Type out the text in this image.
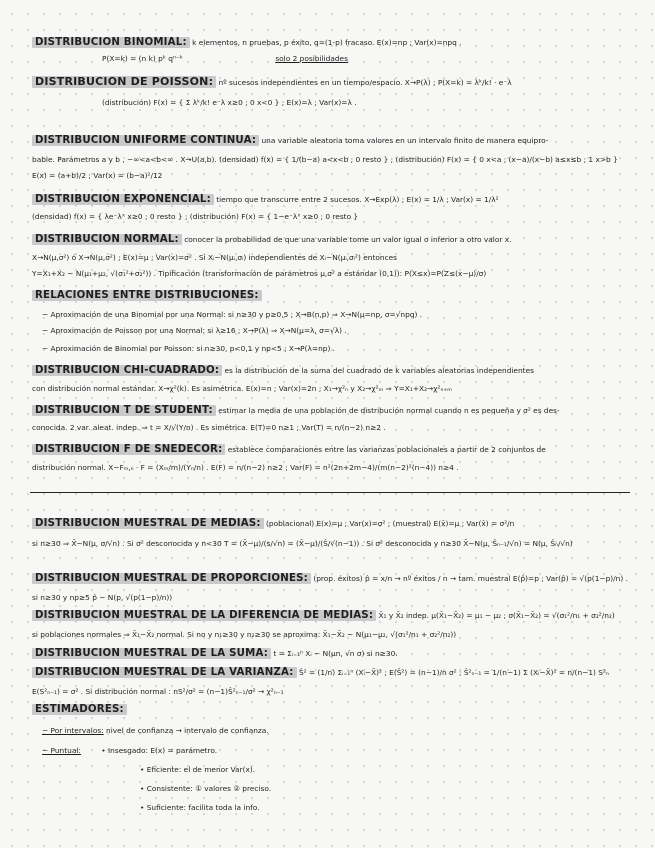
DISTRIBUCIÓN BINOMIAL: k elementos, n pruebas, p éxito, q=(1-p) fracaso. E(x)=np ; Var(x)=npq .
P(X=k) = (n k) pᵏ qⁿ⁻ᵏ	solo 2 posibilidades
DISTRIBUCIÓN DE POISSON: nº sucesos independientes en un tiempo/espacio. X→P(λ) ; P(X=k) = λᵏ/k! · e⁻λ
(distribución) F(x) = { Σ λᵏ/k! e⁻λ x≥0 ; 0 x<0 } ; E(x)=λ ; Var(x)=λ .
DISTRIBUCIÓN UNIFORME CONTINUA: una variable aleatoria toma valores en un intervalo finito de manera equipro-
bable. Parámetros a y b , −∞<a<b<∞ . X→U(a,b). (densidad) f(x) = { 1/(b−a) a<x<b ; 0 resto } ; (distribución) F(x) = { 0 x<a ; (x−a)/(x−b) a≤x≤b ; 1 x>b }
E(x) = (a+b)/2 ; Var(x) = (b−a)²/12
DISTRIBUCIÓN EXPONENCIAL: tiempo que transcurre entre 2 sucesos. X→Exp(λ) ; E(x) = 1/λ ; Var(x) = 1/λ²
(densidad) f(x) = { λe⁻λˣ x≥0 ; 0 resto } ; (distribución) F(x) = { 1−e⁻λˣ x≥0 ; 0 resto }
DISTRIBUCIÓN NORMAL: conocer la probabilidad de que una variable tome un valor igual o inferior a otro valor x.
X→N(μ,σ²) ó X→N(μ,σ²) ; E(x)=μ ; Var(x)=σ² . Si Xᵢ~N(μᵢ,σᵢ) independientes de Xᵢ~N(μᵢ,σᵢ²) entonces
Y=X₁+X₂ ~ N(μ₁+μ₂, √(σ₁²+σ₂²)) . Tipificación (transformación de parámetros μ,σ² a estándar (0,1)): P(X≤x)=P(Z≤(x−μ)/σ)
RELACIONES ENTRE DISTRIBUCIONES:
− Aproximación de una Binomial por una Normal: si n≥30 y p≥0,5 ; X→B(n,p) ⇒ X→N(μ=np, σ=√npq) .
− Aproximación de Poisson por una Normal: si λ≥16 ; X→P(λ) ⇒ X→N(μ=λ, σ=√λ) .
− Aproximación de Binomial por Poisson: si n≥30, p<0,1 y np<5 ; X→P(λ=np) .
DISTRIBUCIÓN CHI-CUADRADO: es la distribución de la suma del cuadrado de k variables aleatorias independientes
con distribución normal estándar. X→χ²(k). Es asimétrica. E(x)=n ; Var(x)=2n ; X₁→χ²ₙ y X₂→χ²ₘ ⇒ Y=X₁+X₂→χ²ₙ₊ₘ
DISTRIBUCIÓN T DE STUDENT: estimar la media de una población de distribución normal cuando n es pequeña y σ² es des-
conocida. 2 var. aleat. indep. ⇒ t = X/√(Y/n) . Es simétrica. E(T)=0 n≥1 ; Var(T) = n/(n−2) n≥2 .
DISTRIBUCIÓN F DE SNEDECOR: establece comparaciones entre las varianzas poblacionales a partir de 2 conjuntos de
distribución normal. X~Fₘ,ₙ · F = (Xₘ/m)/(Yₙ/n) . E(F) = n/(n−2) n≥2 ; Var(F) = n²(2n+2m−4)/(m(n−2)²(n−4)) n≥4 .
DISTRIBUCIÓN MUESTRAL DE MEDIAS: (poblacional) E(x)=μ ; Var(x)=σ² ; (muestral) E(x̄)=μ ; Var(x̄) = σ²/n
si n≥30 ⇒ X̄~N(μ, σ/√n) . Si σ² desconocida y n<30 T = (X̄−μ)/(s/√n) = (X̄−μ)/(Ŝ/√(n−1)) . Si σ² desconocida y n≥30 X̄~N(μ, Ŝₙ₋₁/√n) = N(μ, Ŝₙ/√n)
DISTRIBUCIÓN MUESTRAL DE PROPORCIONES: (prop. éxitos) p̂ = x/n → nº éxitos / n → tam. muestral E(p̂)=p ; Var(p̂) = √(p(1−p)/n) .
si n≥30 y np≥5 p̂ ~ N(p, √(p(1−p)/n))
DISTRIBUCIÓN MUESTRAL DE LA DIFERENCIA DE MEDIAS: X̄₁ y X̄₂ indep. μ(X̄₁−X̄₂) = μ₁ − μ₂ ; σ(X̄₁−X̄₂) = √(σ₁²/n₁ + σ₂²/n₂)
si poblaciones normales ⇒ X̄₁−X̄₂ normal. Si no y n₁≥30 y n₂≥30 se aproxima: X̄₁−X̄₂ ~ N(μ₁−μ₂, √(σ₁²/n₁ + σ₂²/n₂))
DISTRIBUCIÓN MUESTRAL DE LA SUMA: t = Σᵢ₌₁ⁿ Xᵢ ~ N(μn, √n σ) si n≥30.
DISTRIBUCIÓN MUESTRAL DE LA VARIANZA: Ŝ² = (1/n) Σᵢ₌₁ⁿ (Xᵢ−X̄)² ; E(Ŝ²) = (n−1)/n σ² ; Ŝ²ₙ₋₁ = 1/(n−1) Σ (Xᵢ−X̄)² = n/(n−1) S²ₙ
E(S²ₙ₋₁) = σ² . Si distribución normal : nS²/σ² = (n−1)Ŝ²ₙ₋₁/σ² → χ²ₙ₋₁
ESTIMADORES:
− Por intervalos: nivel de confianza → intervalo de confianza.
− Puntual:	• Insesgado: E(x) = parámetro.
• Eficiente: el de menor Var(x).
• Consistente: ① valores ② preciso.
• Suficiente: facilita toda la info.
